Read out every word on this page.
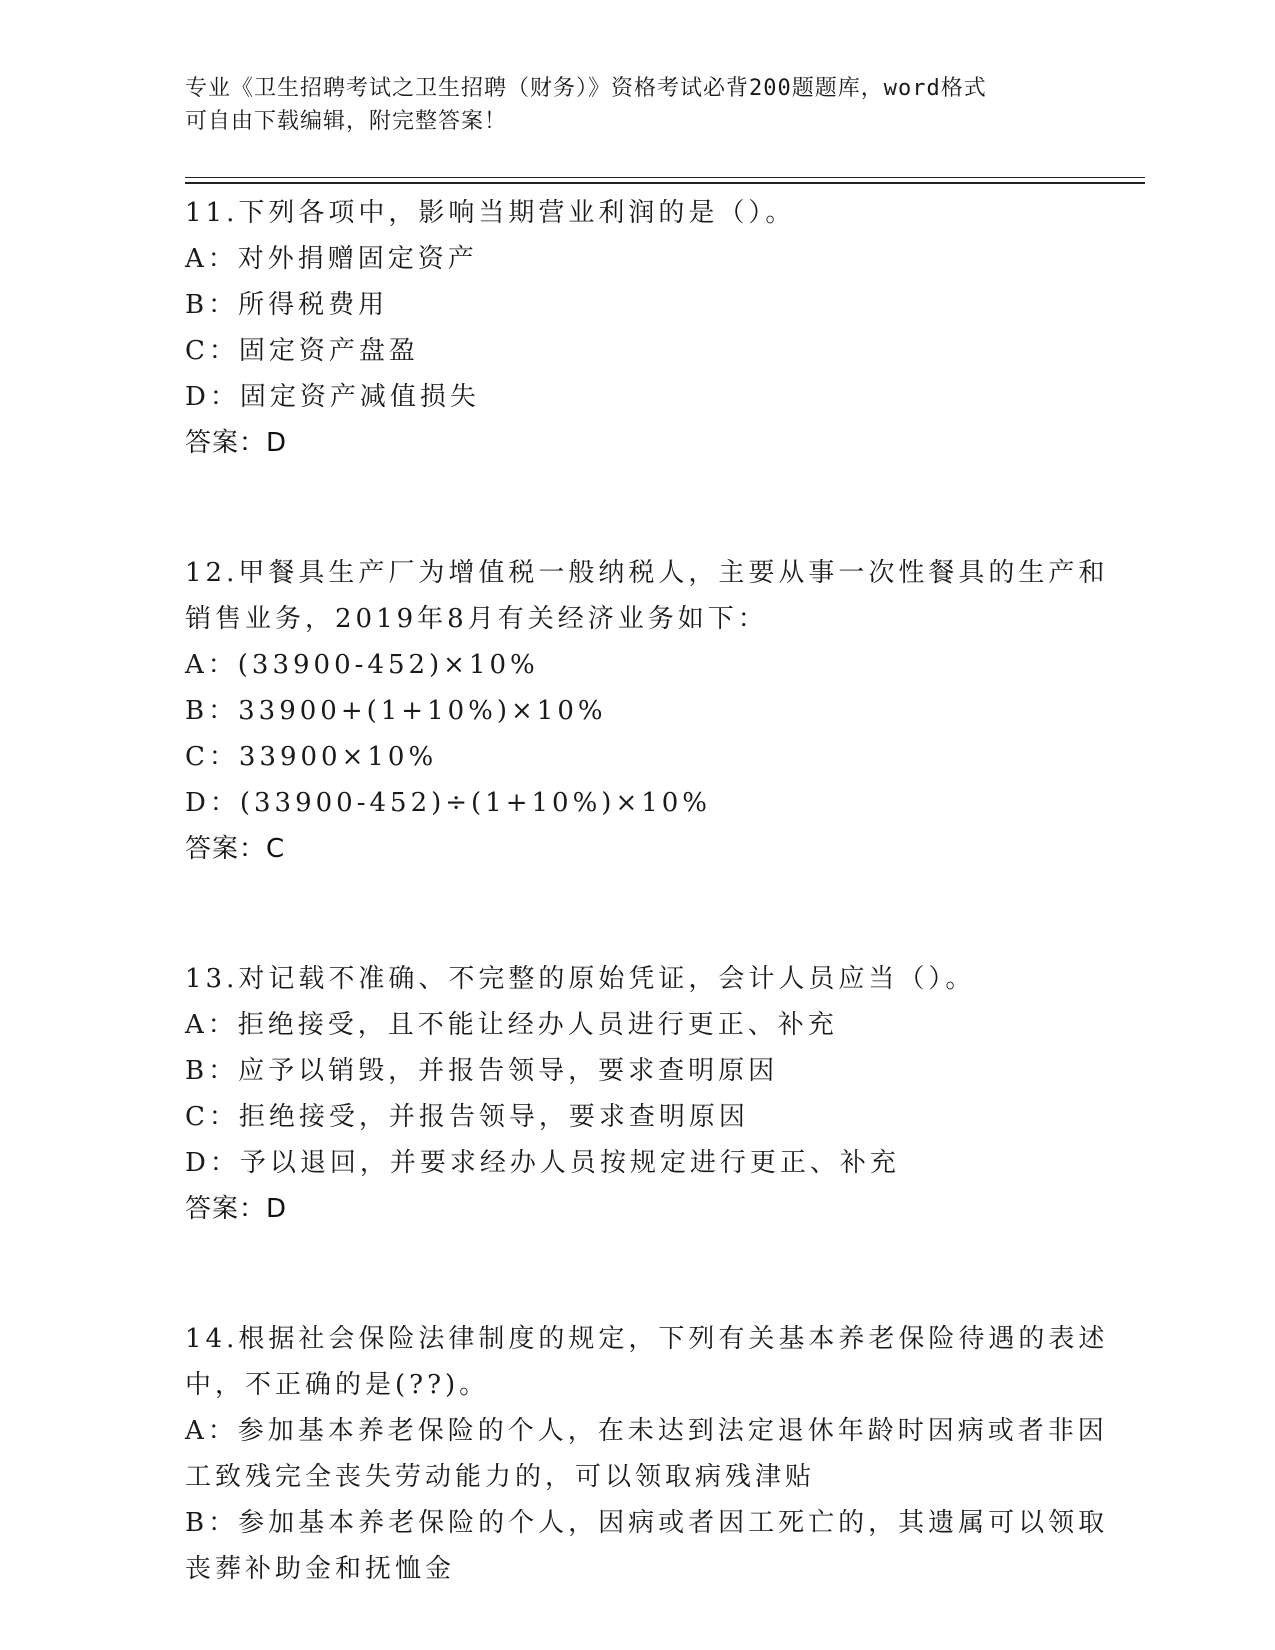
专业《卫生招聘考试之卫生招聘（财务）》资格考试必背200题题库，word格式
可自由下载编辑，附完整答案！
11.下列各项中，影响当期营业利润的是（）。
A：对外捐赠固定资产
B：所得税费用
C：固定资产盘盈
D：固定资产减值损失
答案：D
12.甲餐具生产厂为增值税一般纳税人，主要从事一次性餐具的生产和
销售业务，2019年8月有关经济业务如下：
A：(33900-452)×10%
B：33900+(1+10%)×10%
C：33900×10%
D：(33900-452)÷(1+10%)×10%
答案：C
13.对记载不准确、不完整的原始凭证，会计人员应当（）。
A：拒绝接受，且不能让经办人员进行更正、补充
B：应予以销毁，并报告领导，要求查明原因
C：拒绝接受，并报告领导，要求查明原因
D：予以退回，并要求经办人员按规定进行更正、补充
答案：D
14.根据社会保险法律制度的规定，下列有关基本养老保险待遇的表述
中，不正确的是(??)。
A：参加基本养老保险的个人，在未达到法定退休年龄时因病或者非因
工致残完全丧失劳动能力的，可以领取病残津贴
B：参加基本养老保险的个人，因病或者因工死亡的，其遗属可以领取
丧葬补助金和抚恤金
